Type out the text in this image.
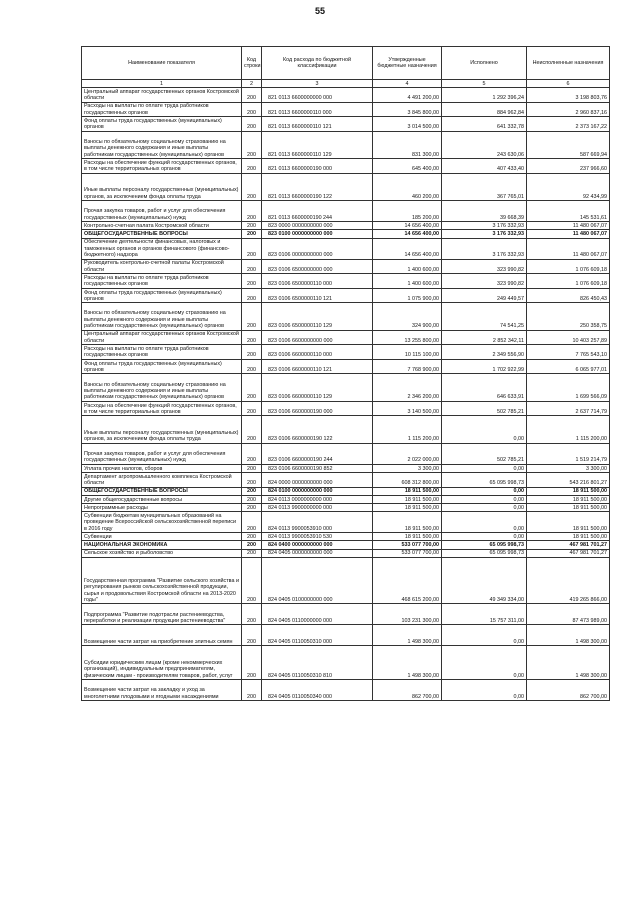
55
Наименование показателя	Код строки	Код расхода по бюджетной классификации	Утвержденные бюджетные назначения	Исполнено	Неисполненные назначения
1	2	3	4	5	6
Центральный аппарат государственных органов Костромской области	200	821 0113 6600000000 000	4 491 200,00	1 292 396,24	3 198 803,76
Расходы на выплаты по оплате труда работников государственных органов	200	821 0113 6600000110 000	3 845 800,00	884 962,84	2 960 837,16
Фонд оплаты труда государственных (муниципальных) органов	200	821 0113 6600000110 121	3 014 500,00	641 332,78	2 373 167,22
Взносы по обязательному социальному страхованию на выплаты денежного содержания и иные выплаты работникам государственных (муниципальных) органов	200	821 0113 6600000110 129	831 300,00	243 630,06	587 669,94
Расходы на обеспечение функций государственных органов, в том числе территориальных органов	200	821 0113 6600000190 000	645 400,00	407 433,40	237 966,60
Иные выплаты персоналу государственных (муниципальных) органов, за исключением фонда оплаты труда	200	821 0113 6600000190 122	460 200,00	367 765,01	92 434,99
Прочая закупка товаров, работ и услуг для обеспечения государственных (муниципальных) нужд	200	821 0113 6600000190 244	185 200,00	39 668,39	145 531,61
Контрольно-счетная палата Костромской области	200	823 0000 0000000000 000	14 656 400,00	3 176 332,93	11 480 067,07
ОБЩЕГОСУДАРСТВЕННЫЕ ВОПРОСЫ	200	823 0100 0000000000 000	14 656 400,00	3 176 332,93	11 480 067,07
Обеспечение деятельности финансовых, налоговых и таможенных органов и органов финансового (финансово-бюджетного) надзора	200	823 0106 0000000000 000	14 656 400,00	3 176 332,93	11 480 067,07
Руководитель контрольно-счетной палаты Костромской области	200	823 0106 6500000000 000	1 400 600,00	323 990,82	1 076 609,18
Расходы на выплаты по оплате труда работников государственных органов	200	823 0106 6500000110 000	1 400 600,00	323 990,82	1 076 609,18
Фонд оплаты труда государственных (муниципальных) органов	200	823 0106 6500000110 121	1 075 900,00	249 449,57	826 450,43
Взносы по обязательному социальному страхованию на выплаты денежного содержания и иные выплаты работникам государственных (муниципальных) органов	200	823 0106 6500000110 129	324 900,00	74 541,25	250 358,75
Центральный аппарат государственных органов Костромской области	200	823 0106 6600000000 000	13 255 800,00	2 852 342,11	10 403 257,89
Расходы на выплаты по оплате труда работников государственных органов	200	823 0106 6600000110 000	10 115 100,00	2 349 556,90	7 765 543,10
Фонд оплаты труда государственных (муниципальных) органов	200	823 0106 6600000110 121	7 768 900,00	1 702 922,99	6 065 977,01
Взносы по обязательному социальному страхованию на выплаты денежного содержания и иные выплаты работникам государственных (муниципальных) органов	200	823 0106 6600000110 129	2 346 200,00	646 633,91	1 699 566,09
Расходы на обеспечение функций государственных органов, в том числе территориальных органов	200	823 0106 6600000190 000	3 140 500,00	502 785,21	2 637 714,79
Иные выплаты персоналу государственных (муниципальных) органов, за исключением фонда оплаты труда	200	823 0106 6600000190 122	1 115 200,00	0,00	1 115 200,00
Прочая закупка товаров, работ и услуг для обеспечения государственных (муниципальных) нужд	200	823 0106 6600000190 244	2 022 000,00	502 785,21	1 519 214,79
Уплата прочих налогов, сборов	200	823 0106 6600000190 852	3 300,00	0,00	3 300,00
Департамент агропромышленного комплекса Костромской области	200	824 0000 0000000000 000	608 312 800,00	65 095 998,73	543 216 801,27
ОБЩЕГОСУДАРСТВЕННЫЕ ВОПРОСЫ	200	824 0100 0000000000 000	18 911 500,00	0,00	18 911 500,00
Другие общегосударственные вопросы	200	824 0113 0000000000 000	18 911 500,00	0,00	18 911 500,00
Непрограммные расходы	200	824 0113 9900000000 000	18 911 500,00	0,00	18 911 500,00
Субвенции бюджетам муниципальных образований на проведение Всероссийской сельскохозяйственной переписи в 2016 году	200	824 0113 9900053910 000	18 911 500,00	0,00	18 911 500,00
Субвенции	200	824 0113 9900053910 530	18 911 500,00	0,00	18 911 500,00
НАЦИОНАЛЬНАЯ ЭКОНОМИКА	200	824 0400 0000000000 000	533 077 700,00	65 095 998,73	467 981 701,27
Сельское хозяйство и рыболовство	200	824 0405 0000000000 000	533 077 700,00	65 095 998,73	467 981 701,27
Государственная программа "Развитие сельского хозяйства и регулирования рынков сельскохозяйственной продукции, сырья и продовольствия Костромской области на 2013-2020 годы"	200	824 0405 0100000000 000	468 615 200,00	49 349 334,00	419 265 866,00
Подпрограмма "Развитие подотрасли растениеводства, переработки и реализации продукции растениеводства"	200	824 0405 0110000000 000	103 231 300,00	15 757 311,00	87 473 989,00
Возмещение части затрат на приобретение элитных семян	200	824 0405 0110050310 000	1 498 300,00	0,00	1 498 300,00
Субсидии юридическим лицам (кроме некоммерческих организаций), индивидуальным предпринимателям, физическим лицам - производителям товаров, работ, услуг	200	824 0405 0110050310 810	1 498 300,00	0,00	1 498 300,00
Возмещение части затрат на закладку и уход за многолетними плодовыми и ягодными насаждениями	200	824 0405 0110050340 000	862 700,00	0,00	862 700,00
